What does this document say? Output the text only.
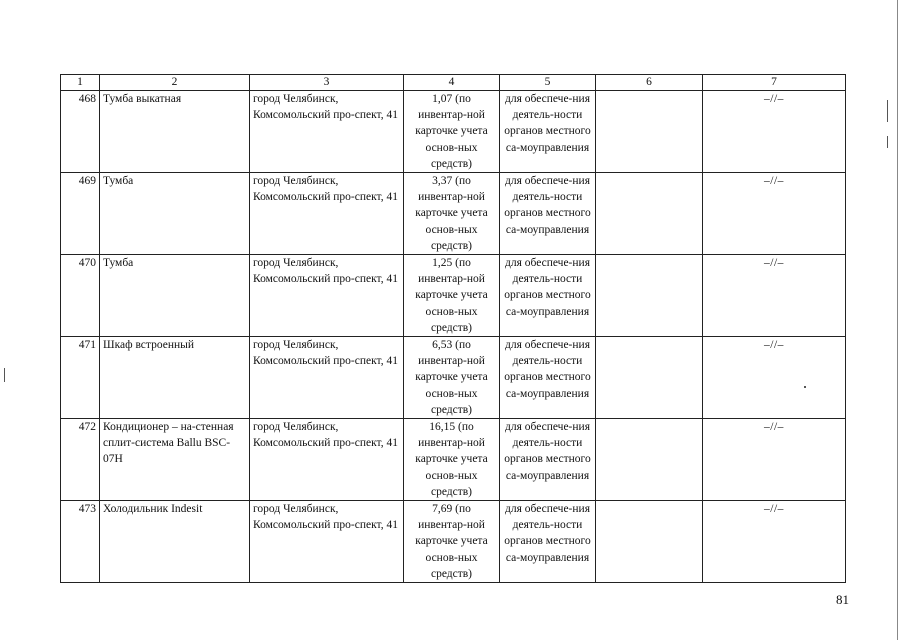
1	2	3	4	5	6	7
468	Тумба выкатная	город Челябинск, Комсомольский про-спект, 41	1,07 (по инвентар-ной карточке учета основ-ных средств)	для обеспече-ния деятель-ности органов местного са-моуправления		–//–
469	Тумба	город Челябинск, Комсомольский про-спект, 41	3,37 (по инвентар-ной карточке учета основ-ных средств)	для обеспече-ния деятель-ности органов местного са-моуправления		–//–
470	Тумба	город Челябинск, Комсомольский про-спект, 41	1,25 (по инвентар-ной карточке учета основ-ных средств)	для обеспече-ния деятель-ности органов местного са-моуправления		–//–
471	Шкаф встроенный	город Челябинск, Комсомольский про-спект, 41	6,53 (по инвентар-ной карточке учета основ-ных средств)	для обеспече-ния деятель-ности органов местного са-моуправления		–//–
472	Кондиционер – на-стенная сплит-система Ballu BSC-07H	город Челябинск, Комсомольский про-спект, 41	16,15 (по инвентар-ной карточке учета основ-ных средств)	для обеспече-ния деятель-ности органов местного са-моуправления		–//–
473	Холодильник Indesit	город Челябинск, Комсомольский про-спект, 41	7,69 (по инвентар-ной карточке учета основ-ных средств)	для обеспече-ния деятель-ности органов местного са-моуправления		–//–
81
